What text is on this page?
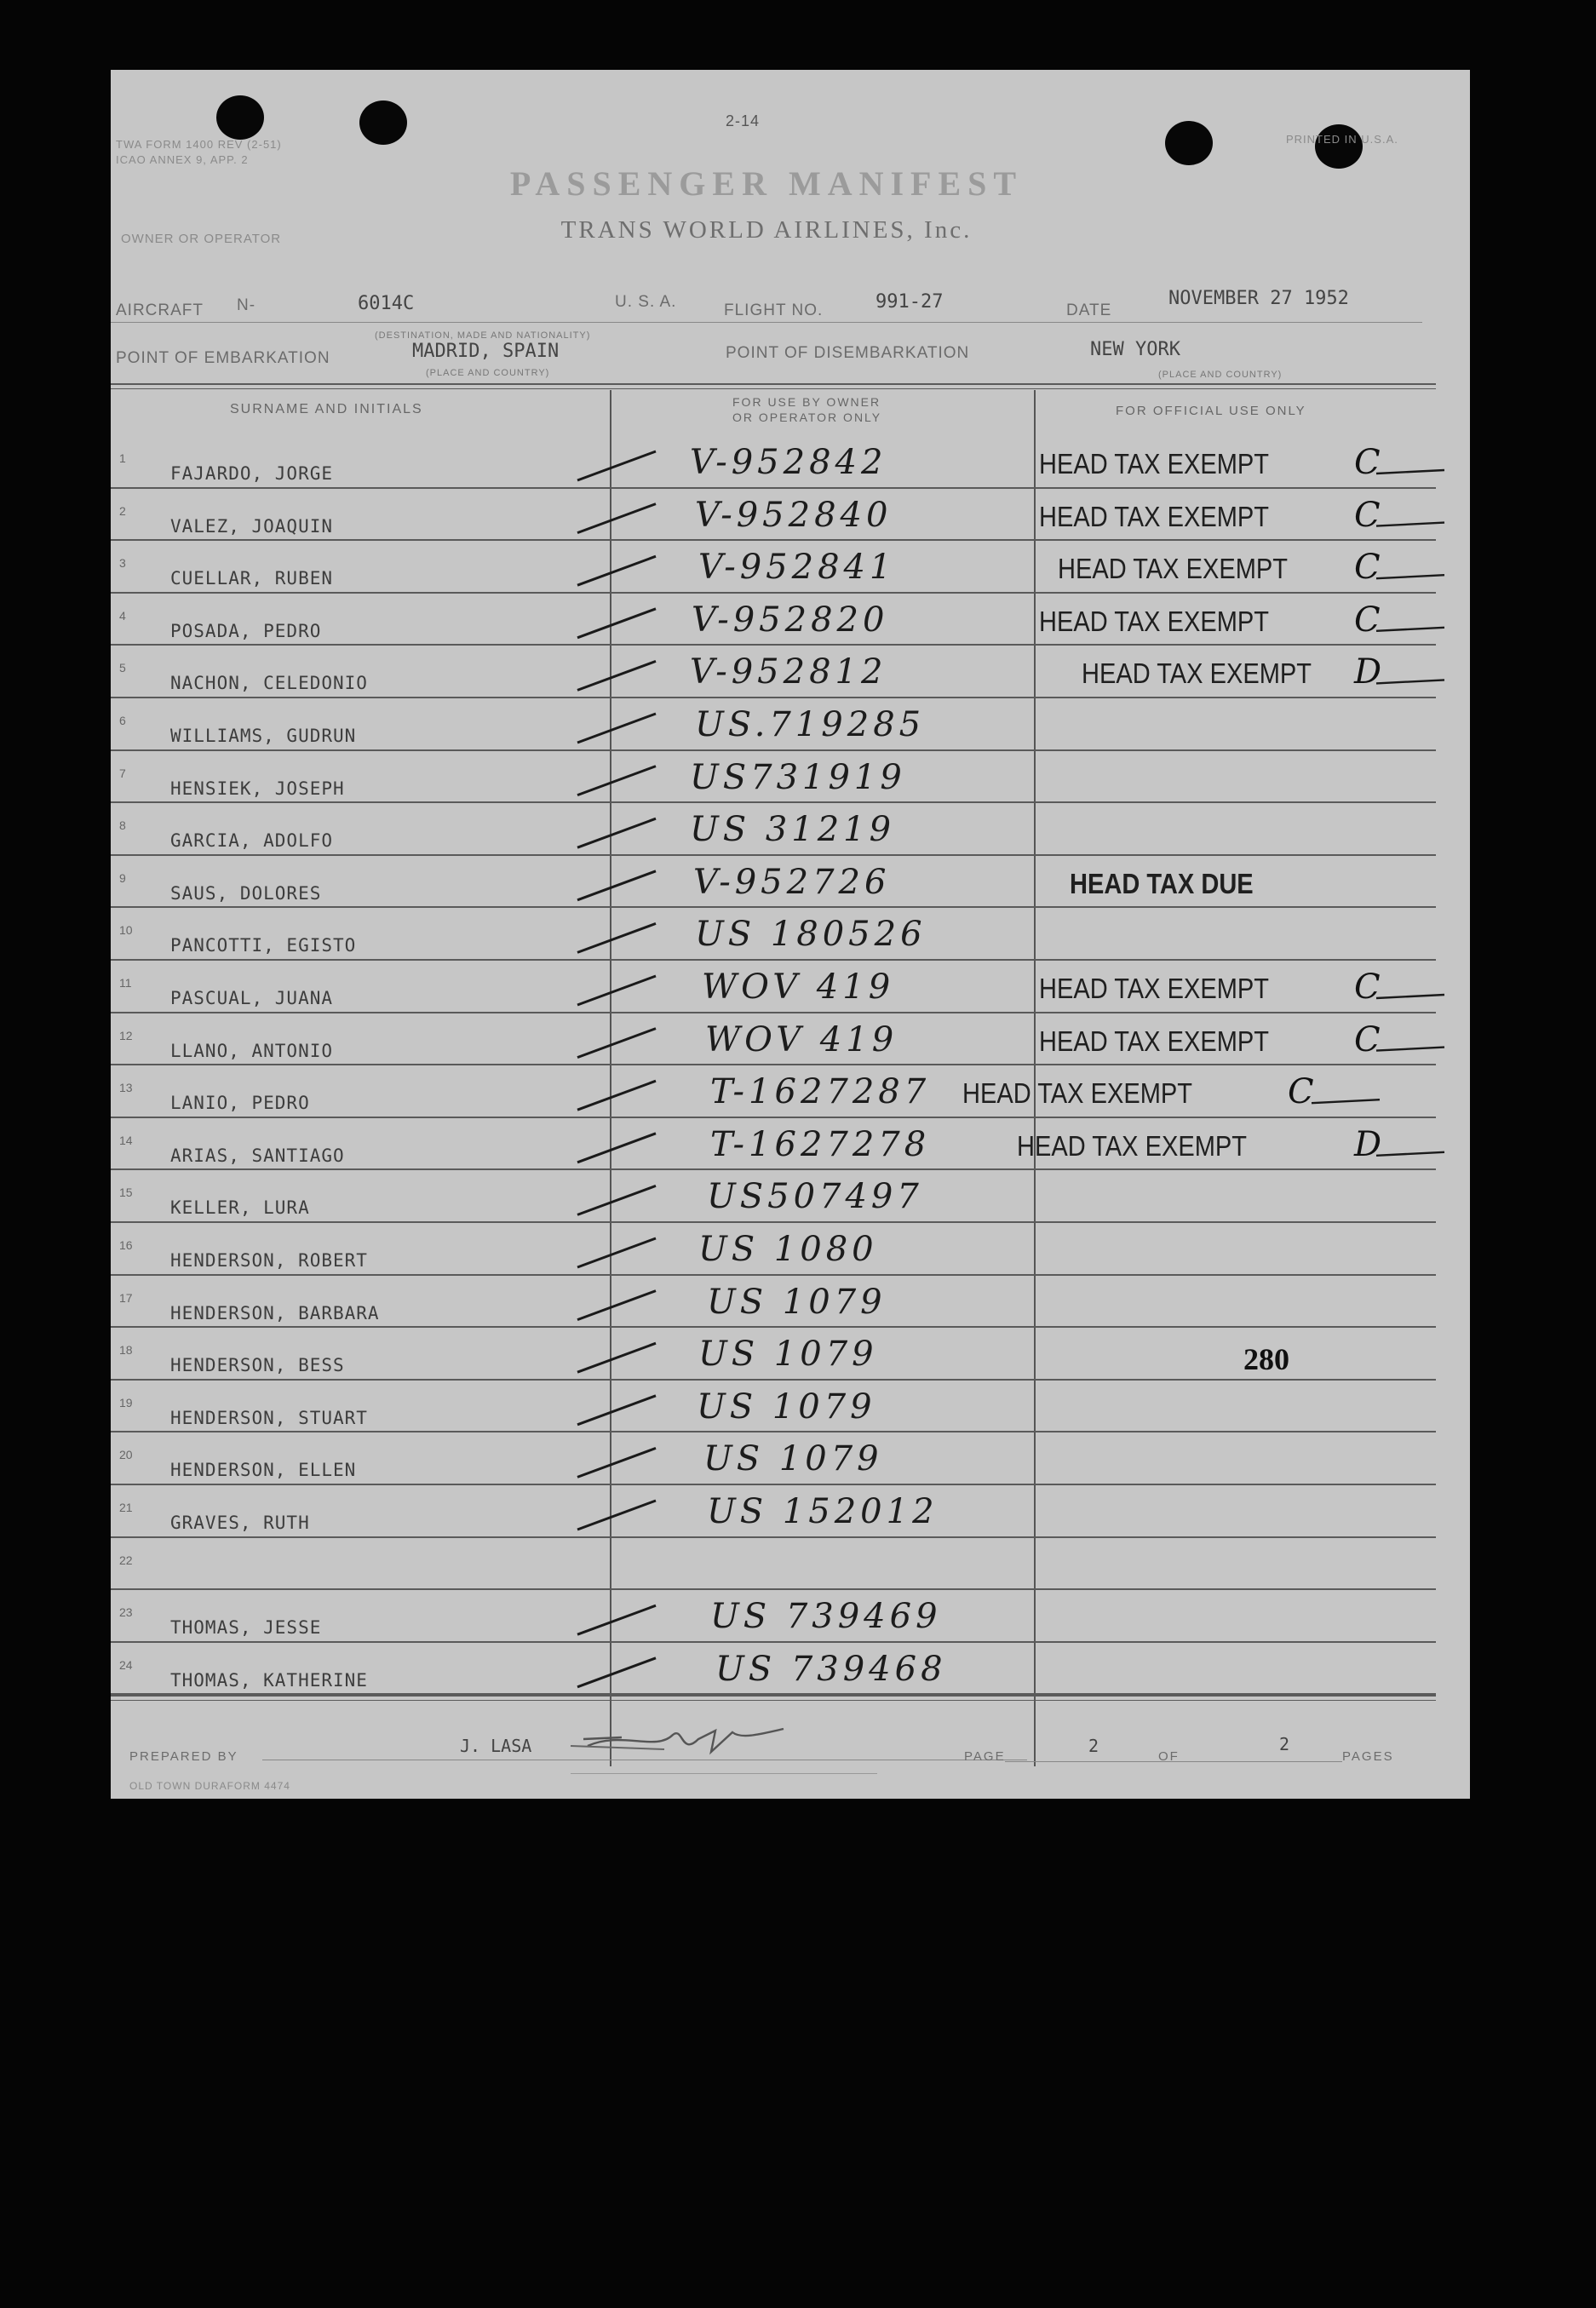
TWA FORM 1400 REV (2-51)
ICAO ANNEX 9, APP. 2
2-14
PRINTED IN U.S.A.
PASSENGER MANIFEST
TRANS WORLD AIRLINES, Inc.
OWNER OR OPERATOR
AIRCRAFT N-	6014C	U. S. A.	FLIGHT NO.	991-27	DATE
NOVEMBER 27 1952
POINT OF EMBARKATION
(DESTINATION, MADE AND NATIONALITY)
MADRID, SPAIN
(PLACE AND COUNTRY)
POINT OF DISEMBARKATION	NEW YORK
(PLACE AND COUNTRY)
SURNAME AND INITIALS	FOR USE BY OWNER
OR OPERATOR ONLY	FOR OFFICIAL USE ONLY
1
FAJARDO, JORGE	V-952842	HEAD TAX EXEMPT C
2
VALEZ, JOAQUIN	V-952840	HEAD TAX EXEMPT C
3
CUELLAR, RUBEN	V-952841	HEAD TAX EXEMPT C
4
POSADA, PEDRO	V-952820	HEAD TAX EXEMPT C
5
NACHON, CELEDONIO	V-952812	HEAD TAX EXEMPT D
6
WILLIAMS, GUDRUN	US.719285
7
HENSIEK, JOSEPH	US731919
8
GARCIA, ADOLFO	US 31219
9
SAUS, DOLORES	V-952726	HEAD TAX DUE
10
PANCOTTI, EGISTO	US 180526
11
PASCUAL, JUANA	WOV 419	HEAD TAX EXEMPT C
12
LLANO, ANTONIO	WOV 419	HEAD TAX EXEMPT C
13
LANIO, PEDRO	T-1627287 HEAD TAX EXEMPT	C
14
ARIAS, SANTIAGO	T-1627278	HEAD TAX EXEMPT	D
15
KELLER, LURA	US507497
16
HENDERSON, ROBERT	US 1080
17
HENDERSON, BARBARA	US 1079
18
HENDERSON, BESS	US 1079	280
19
HENDERSON, STUART	US 1079
20
HENDERSON, ELLEN	US 1079
21
GRAVES, RUTH	US 152012
22
23
THOMAS, JESSE	US 739469
24
THOMAS, KATHERINE	US 739468
PREPARED BY
J. LASA
PAGE
2
OF
2
PAGES
OLD TOWN DURAFORM 4474
